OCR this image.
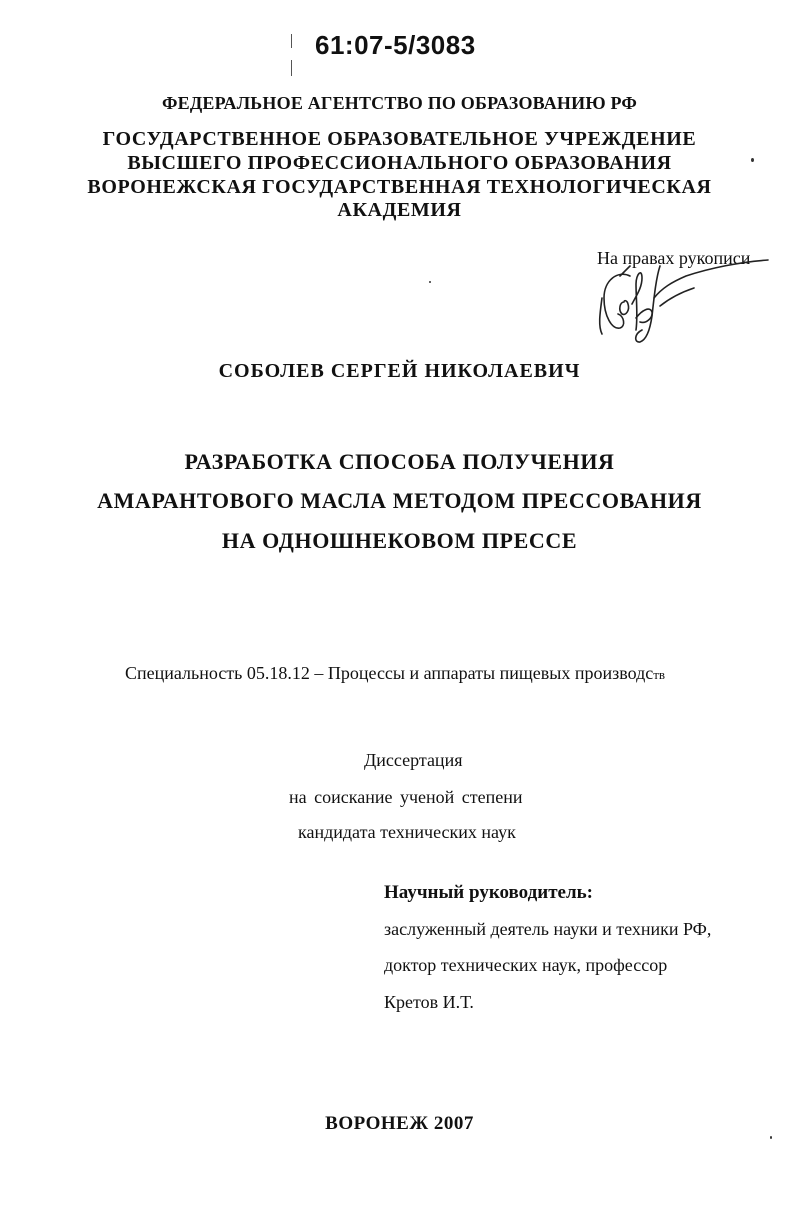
61:07-5/3083
ФЕДЕРАЛЬНОЕ АГЕНТСТВО ПО ОБРАЗОВАНИЮ РФ
ГОСУДАРСТВЕННОЕ ОБРАЗОВАТЕЛЬНОЕ УЧРЕЖДЕНИЕ
ВЫСШЕГО ПРОФЕССИОНАЛЬНОГО ОБРАЗОВАНИЯ
ВОРОНЕЖСКАЯ ГОСУДАРСТВЕННАЯ ТЕХНОЛОГИЧЕСКАЯ
АКАДЕМИЯ
На правах рукописи
СОБОЛЕВ СЕРГЕЙ НИКОЛАЕВИЧ
РАЗРАБОТКА СПОСОБА ПОЛУЧЕНИЯ
АМАРАНТОВОГО МАСЛА МЕТОДОМ ПРЕССОВАНИЯ
НА ОДНОШНЕКОВОМ ПРЕССЕ
Специальность 05.18.12 – Процессы и аппараты пищевых производств
Диссертация
на соискание ученой степени
кандидата технических наук
Научный руководитель:
заслуженный деятель науки и техники РФ,
доктор технических наук, профессор
Кретов И.Т.
ВОРОНЕЖ 2007
